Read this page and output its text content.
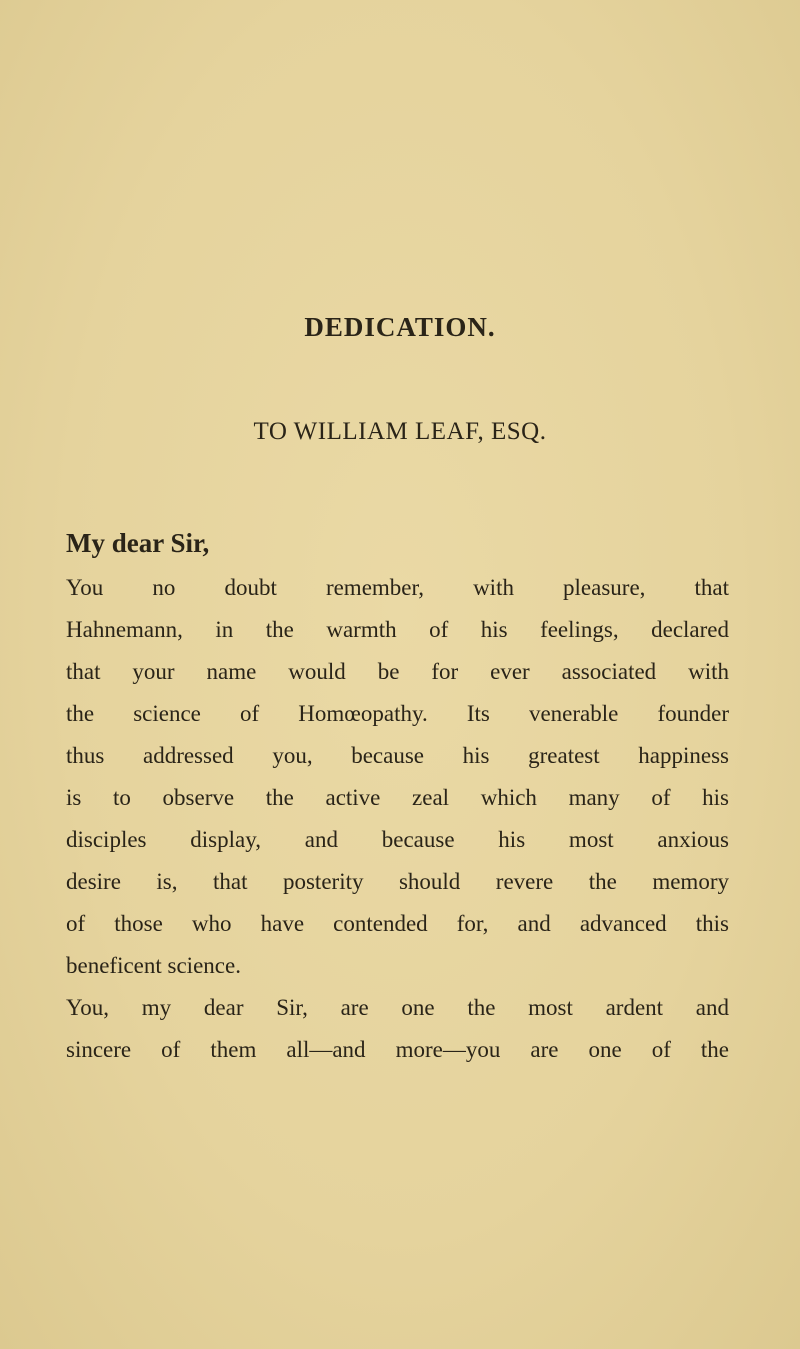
DEDICATION.
TO WILLIAM LEAF, ESQ.

My dear Sir,

You no doubt remember, with pleasure, that
Hahnemann, in the warmth of his feelings, declared
that your name would be for ever associated with
the science of Homœopathy. Its venerable founder
thus addressed you, because his greatest happiness
is to observe the active zeal which many of his
disciples display, and because his most anxious
desire is, that posterity should revere the memory
of those who have contended for, and advanced this
beneficent science.
You, my dear Sir, are one the most ardent and
sincere of them all—and more—you are one of the
